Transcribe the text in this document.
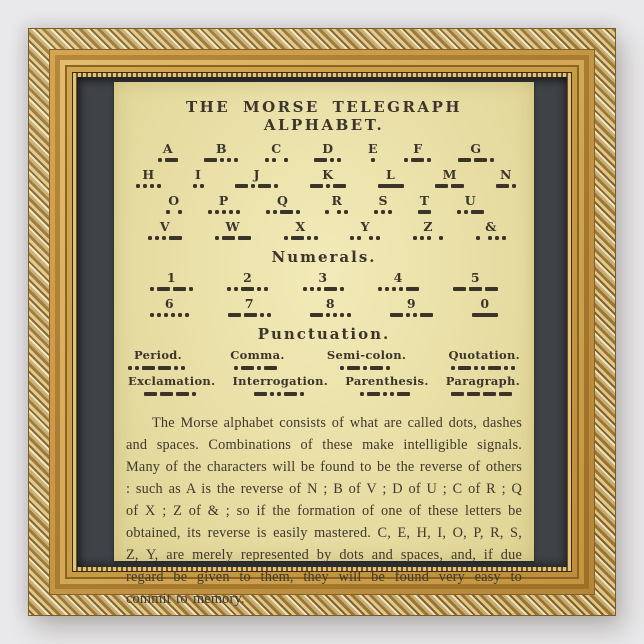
THE MORSE TELEGRAPH ALPHABET.
A	B	C	D	E	F	G
H	I	J	K	L	M	N
O	P	Q	R	S	T	U
V	W	X	Y	Z	&
Numerals.
1	2	3	4	5
6	7	8	9	0
Punctuation.
Period.	Comma.	Semi-colon.	Quotation.
Exclamation. Interrogation. Parenthesis. Paragraph.
The Morse alphabet consists of what are called dots, dashes and spaces. Combinations of these make intelligible signals. Many of the characters will be found to be the reverse of others : such as A is the reverse of N ; B of V ; D of U ; C of R ; Q of X ; Z of & ; so if the formation of one of these letters be obtained, its reverse is easily mastered. C, E, H, I, O, P, R, S, Z, Y, are merely represented by dots and spaces, and, if due regard be given to them, they will be found very easy to commit to memory.
